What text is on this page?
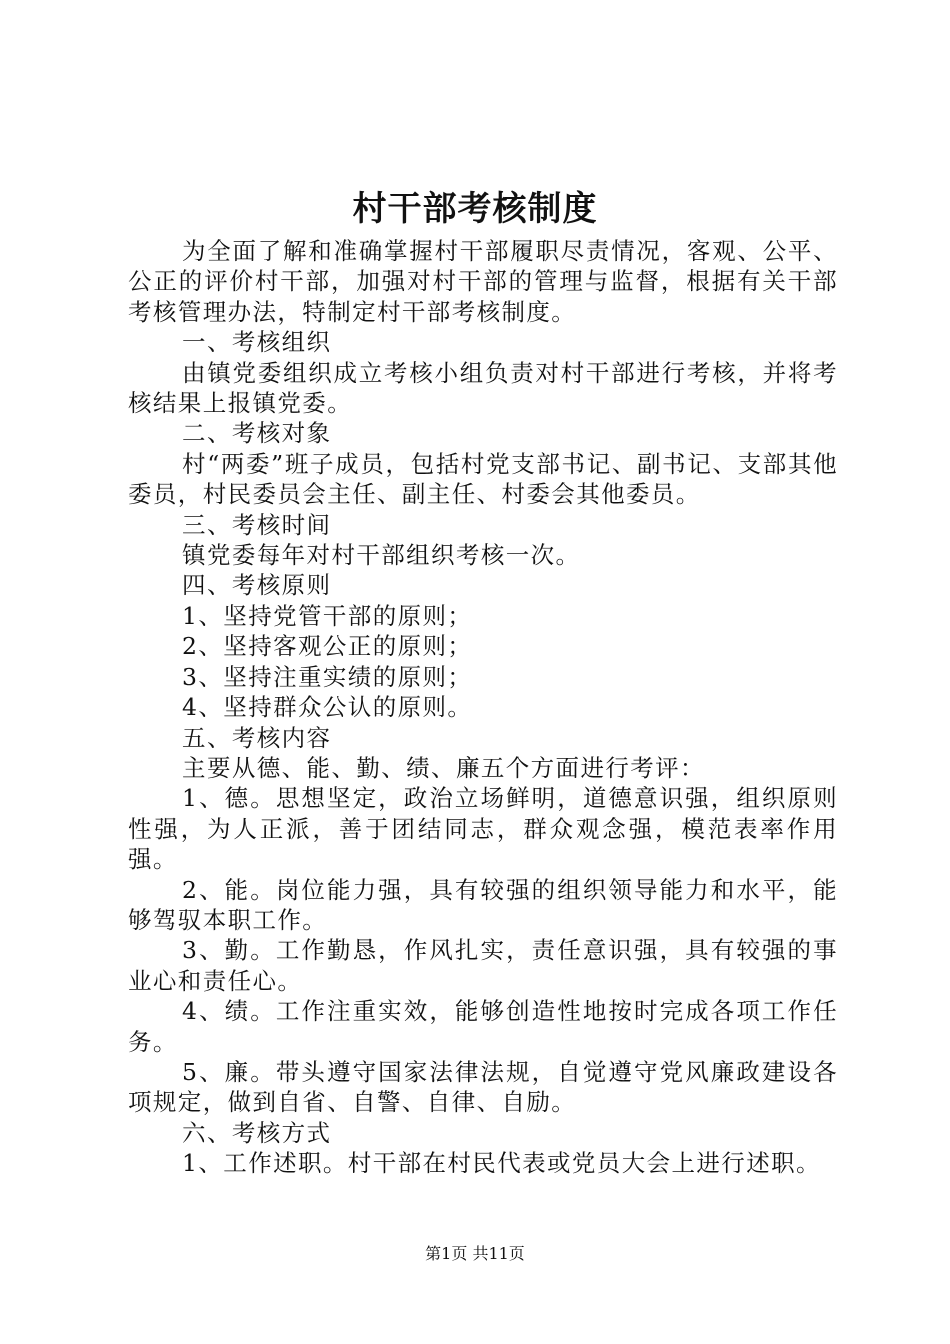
村干部考核制度

为全面了解和准确掌握村干部履职尽责情况，客观、公平、公正的评价村干部，加强对村干部的管理与监督，根据有关干部考核管理办法，特制定村干部考核制度。

一、考核组织

由镇党委组织成立考核小组负责对村干部进行考核，并将考核结果上报镇党委。

二、考核对象

村“两委”班子成员，包括村党支部书记、副书记、支部其他委员，村民委员会主任、副主任、村委会其他委员。

三、考核时间

镇党委每年对村干部组织考核一次。

四、考核原则

1、坚持党管干部的原则；

2、坚持客观公正的原则；

3、坚持注重实绩的原则；

4、坚持群众公认的原则。

五、考核内容

主要从德、能、勤、绩、廉五个方面进行考评：

1、德。思想坚定，政治立场鲜明，道德意识强，组织原则性强，为人正派，善于团结同志，群众观念强，模范表率作用强。

2、能。岗位能力强，具有较强的组织领导能力和水平，能够驾驭本职工作。

3、勤。工作勤恳，作风扎实，责任意识强，具有较强的事业心和责任心。

4、绩。工作注重实效，能够创造性地按时完成各项工作任务。

5、廉。带头遵守国家法律法规，自觉遵守党风廉政建设各项规定，做到自省、自警、自律、自励。

六、考核方式

1、工作述职。村干部在村民代表或党员大会上进行述职。

第1页 共11页
